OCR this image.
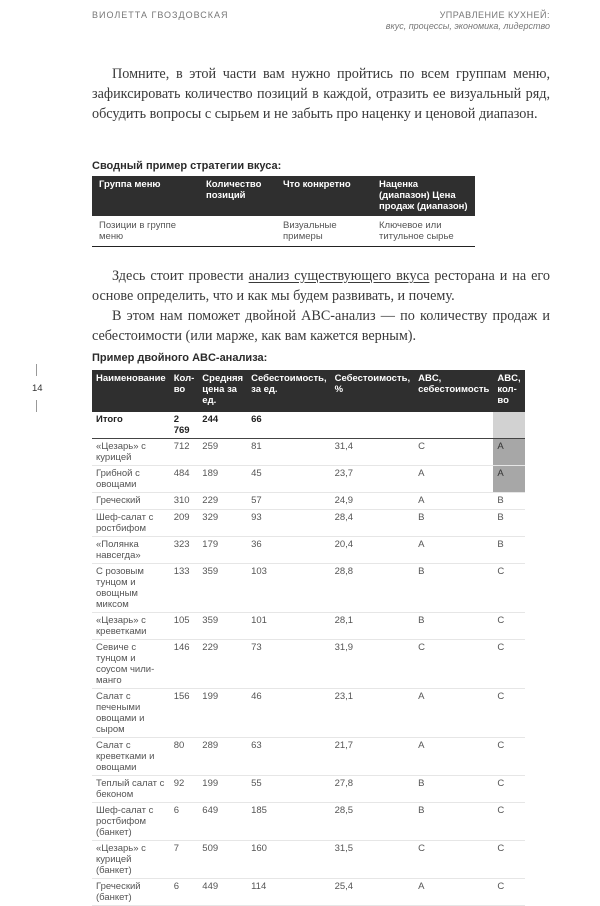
ВИОЛЕТТА ГВОЗДОВСКАЯ	УПРАВЛЕНИЕ КУХНЕЙ:
вкус, процессы, экономика, лидерство

Помните, в этой части вам нужно пройтись по всем группам меню, зафиксировать количество позиций в каждой, отразить ее визуальный ряд, обсудить вопросы с сырьем и не забыть про наценку и ценовой диапазон.

Сводный пример стратегии вкуса:

Группа меню	Количество позиций	Что конкретно	Наценка (диапазон) Цена продаж (диапазон)
Позиции в группе меню		Визуальные примеры	Ключевое или титульное сырье

Здесь стоит провести анализ существующего вкуса ресторана и на его основе определить, что и как мы будем развивать, и почему.

В этом нам поможет двойной ABC-анализ — по количеству продаж и себестоимости (или марже, как вам кажется верным).

Пример двойного ABC-анализа:

14
Наименование	Кол-во	Средняя цена за ед.	Себестоимость, за ед.	Себестоимость, %	ABC, себестоимость	ABC, кол-во
Итого	2 769	244	66			
«Цезарь» с курицей	712	259	81	31,4	С	А
Грибной с овощами	484	189	45	23,7	А	А
Греческий	310	229	57	24,9	А	В
Шеф-салат с ростбифом	209	329	93	28,4	В	В
«Полянка навсегда»	323	179	36	20,4	А	В
С розовым тунцом и овощным миксом	133	359	103	28,8	В	С
«Цезарь» с креветками	105	359	101	28,1	В	С
Севиче с тунцом и соусом чили-манго	146	229	73	31,9	С	С
Салат с печеными овощами и сыром	156	199	46	23,1	А	С
Салат с креветками и овощами	80	289	63	21,7	А	С
Теплый салат с беконом	92	199	55	27,8	В	С
Шеф-салат с ростбифом (банкет)	6	649	185	28,5	В	С
«Цезарь» с курицей (банкет)	7	509	160	31,5	С	С
Греческий (банкет)	6	449	114	25,4	А	С
